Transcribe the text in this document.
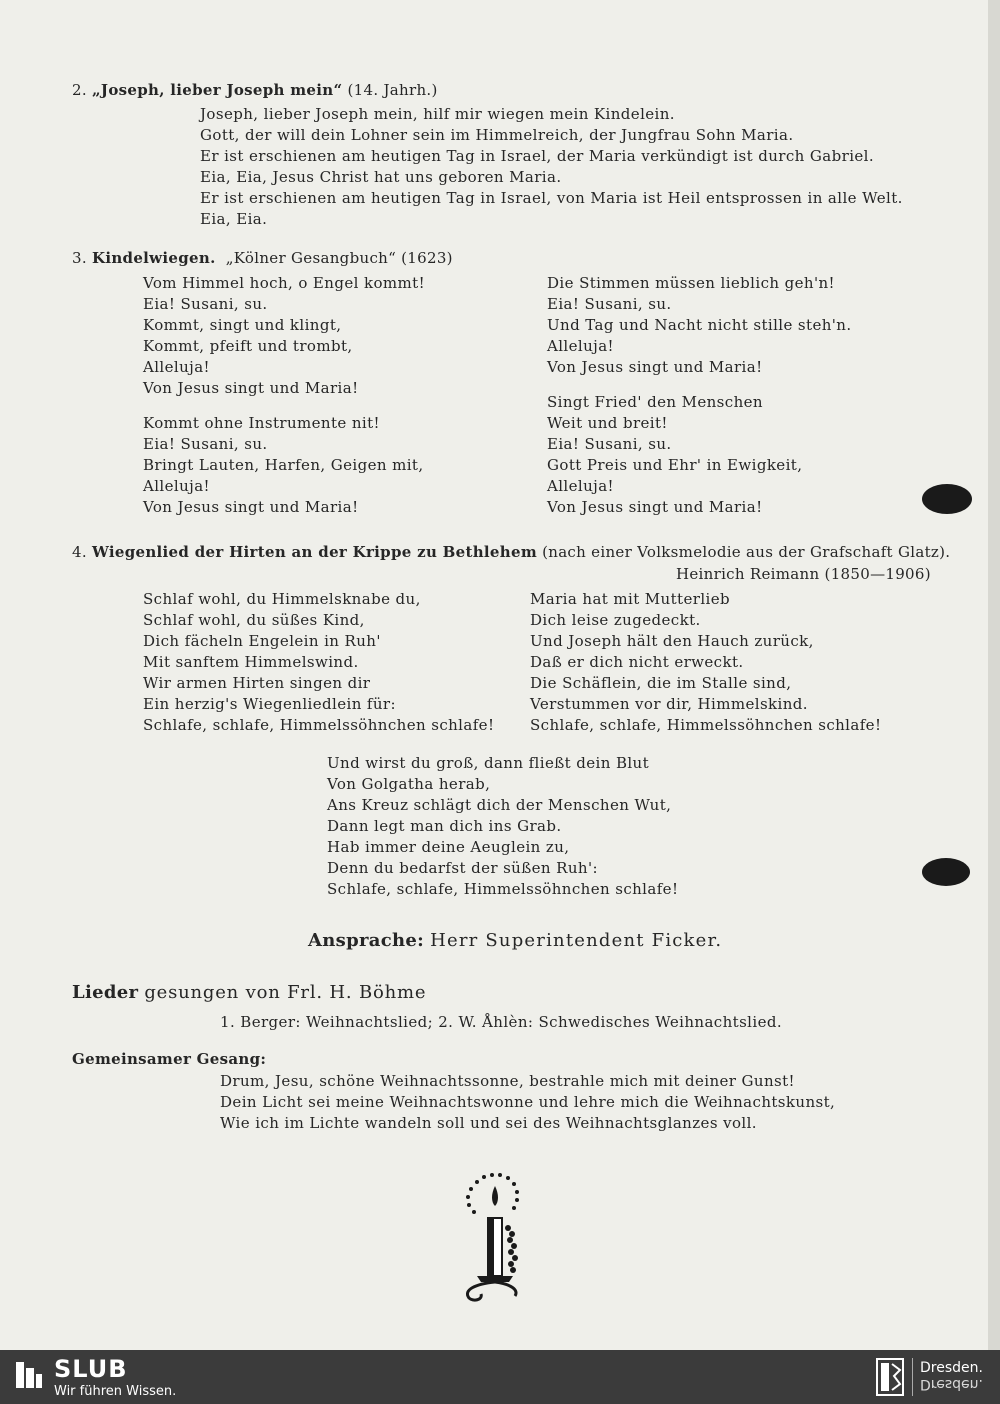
2. „Joseph, lieber Joseph mein“ (14. Jahrh.)
Joseph, lieber Joseph mein, hilf mir wiegen mein Kindelein.
Gott, der will dein Lohner sein im Himmelreich, der Jungfrau Sohn Maria.
Er ist erschienen am heutigen Tag in Israel, der Maria verkündigt ist durch Gabriel.
Eia, Eia, Jesus Christ hat uns geboren Maria.
Er ist erschienen am heutigen Tag in Israel, von Maria ist Heil entsprossen in alle Welt.
Eia, Eia.
3. Kindelwiegen. „Kölner Gesangbuch“ (1623)
Vom Himmel hoch, o Engel kommt!
Eia! Susani, su.
Kommt, singt und klingt,
Kommt, pfeift und trombt,
Alleluja!
Von Jesus singt und Maria!
Kommt ohne Instrumente nit!
Eia! Susani, su.
Bringt Lauten, Harfen, Geigen mit,
Alleluja!
Von Jesus singt und Maria!
Die Stimmen müssen lieblich geh'n!
Eia! Susani, su.
Und Tag und Nacht nicht stille steh'n.
Alleluja!
Von Jesus singt und Maria!
Singt Fried' den Menschen
Weit und breit!
Eia! Susani, su.
Gott Preis und Ehr' in Ewigkeit,
Alleluja!
Von Jesus singt und Maria!
4. Wiegenlied der Hirten an der Krippe zu Bethlehem (nach einer Volksmelodie aus der Grafschaft Glatz).
Heinrich Reimann (1850—1906)
Schlaf wohl, du Himmelsknabe du,
Schlaf wohl, du süßes Kind,
Dich fächeln Engelein in Ruh'
Mit sanftem Himmelswind.
Wir armen Hirten singen dir
Ein herzig's Wiegenliedlein für:
Schlafe, schlafe, Himmelssöhnchen schlafe!
Maria hat mit Mutterlieb
Dich leise zugedeckt.
Und Joseph hält den Hauch zurück,
Daß er dich nicht erweckt.
Die Schäflein, die im Stalle sind,
Verstummen vor dir, Himmelskind.
Schlafe, schlafe, Himmelssöhnchen schlafe!
Und wirst du groß, dann fließt dein Blut
Von Golgatha herab,
Ans Kreuz schlägt dich der Menschen Wut,
Dann legt man dich ins Grab.
Hab immer deine Aeuglein zu,
Denn du bedarfst der süßen Ruh':
Schlafe, schlafe, Himmelssöhnchen schlafe!
Ansprache: Herr Superintendent Ficker.
Lieder gesungen von Frl. H. Böhme
1. Berger: Weihnachtslied; 2. W. Åhlèn: Schwedisches Weihnachtslied.
Gemeinsamer Gesang:
Drum, Jesu, schöne Weihnachtssonne, bestrahle mich mit deiner Gunst!
Dein Licht sei meine Weihnachtswonne und lehre mich die Weihnachtskunst,
Wie ich im Lichte wandeln soll und sei des Weihnachtsglanzes voll.
SLUB
Wir führen Wissen.
Dresden.
Dresden.
